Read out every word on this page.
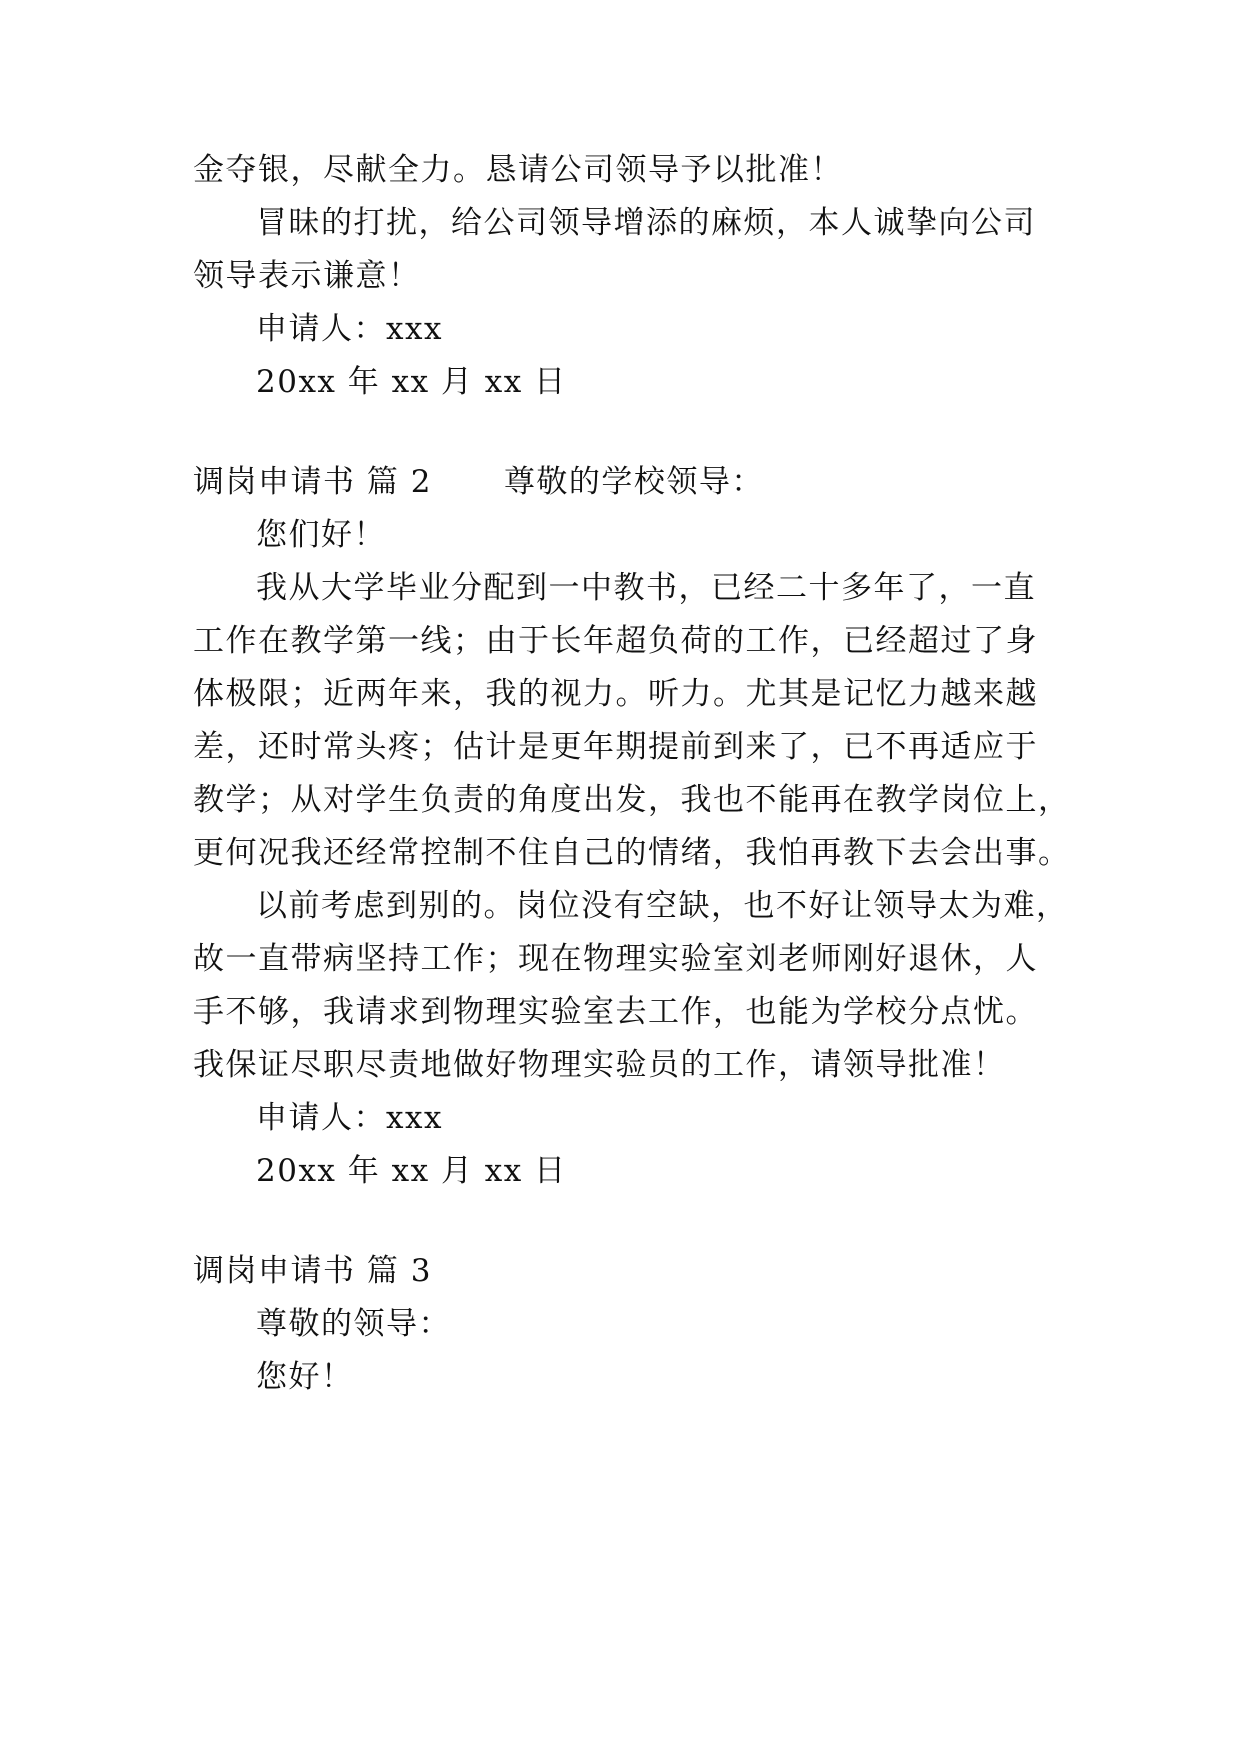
金夺银，尽献全力。恳请公司领导予以批准！
冒昧的打扰，给公司领导增添的麻烦，本人诚挚向公司
领导表示谦意！
申请人：xxx
20xx 年 xx 月 xx 日
调岗申请书 篇 2 尊敬的学校领导：
您们好！
我从大学毕业分配到一中教书，已经二十多年了，一直
工作在教学第一线；由于长年超负荷的工作，已经超过了身
体极限；近两年来，我的视力。听力。尤其是记忆力越来越
差，还时常头疼；估计是更年期提前到来了，已不再适应于
教学；从对学生负责的角度出发，我也不能再在教学岗位上，
更何况我还经常控制不住自己的情绪，我怕再教下去会出事。
以前考虑到别的。岗位没有空缺，也不好让领导太为难，
故一直带病坚持工作；现在物理实验室刘老师刚好退休，人
手不够，我请求到物理实验室去工作，也能为学校分点忧。
我保证尽职尽责地做好物理实验员的工作，请领导批准！
申请人：xxx
20xx 年 xx 月 xx 日
调岗申请书 篇 3
尊敬的领导：
您好！
